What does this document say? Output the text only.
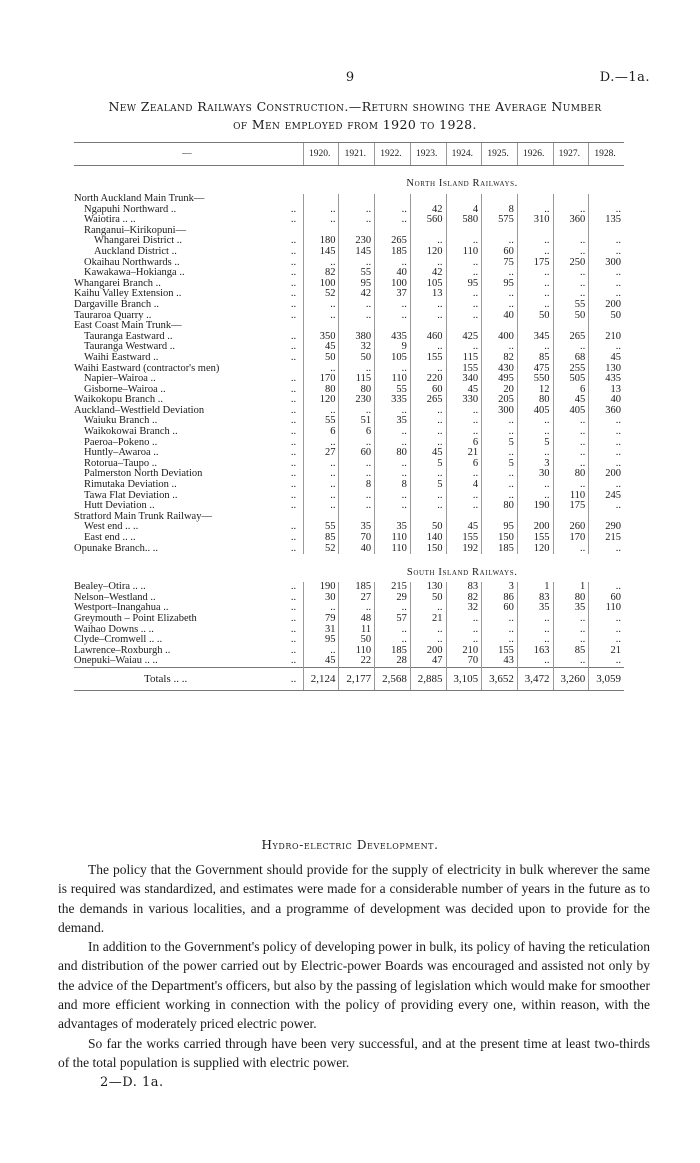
9	D.—1a.
New Zealand Railways Construction.—Return showing the Average Number
of Men employed from 1920 to 1928.
—		1920.	1921.	1922.	1923.	1924.	1925.	1926.	1927.	1928.
		North Island Railways.								
North Auckland Main Trunk—										
Ngapuhi Northward ..	..	..	..	..	42	4	8	..	..	..
Waiotira .. ..	..	..	..	..	560	580	575	310	360	135
Ranganui–Kirikopuni—										
Whangarei District ..	..	180	230	265	..	..	..	..	..	..
Auckland District ..	..	145	145	185	120	110	60	..	..	..
Okaihau Northwards ..	..	..	..	..	..	..	75	175	250	300
Kawakawa–Hokianga ..	..	82	55	40	42	..	..	..	..	..
Whangarei Branch ..	..	100	95	100	105	95	95	..	..	..
Kaihu Valley Extension ..	..	52	42	37	13	..	..	..	..	..
Dargaville Branch ..	..	..	..	..	..	..	..	..	55	200
Tauraroa Quarry ..	..	..	..	..	..	..	40	50	50	50
East Coast Main Trunk—										
Tauranga Eastward ..	..	350	380	435	460	425	400	345	265	210
Tauranga Westward ..	..	45	32	9	..	..	..	..	..	..
Waihi Eastward ..	..	50	50	105	155	115	82	85	68	45
Waihi Eastward (contractor's men)		..	..	..	..	155	430	475	255	130
Napier–Wairoa ..	..	170	115	110	220	340	495	550	505	435
Gisborne–Wairoa ..	..	80	80	55	60	45	20	12	6	13
Waikokopu Branch ..	..	120	230	335	265	330	205	80	45	40
Auckland–Westfield Deviation	..	..	..	..	..	..	300	405	405	360
Waiuku Branch ..	..	55	51	35	..	..	..	..	..	..
Waikokowai Branch ..	..	6	6	..	..	..	..	..	..	..
Paeroa–Pokeno ..	..	..	..	..	..	6	5	5	..	..
Huntly–Awaroa ..	..	27	60	80	45	21	..	..	..	..
Rotorua–Taupo ..	..	..	..	..	5	6	5	3	..	..
Palmerston North Deviation	..	..	..	..	..	..	..	30	80	200
Rimutaka Deviation ..	..	..	8	8	5	4	..	..	..	..
Tawa Flat Deviation ..	..	..	..	..	..	..	..	..	110	245
Hutt Deviation ..	..	..	..	..	..	..	80	190	175	..
Stratford Main Trunk Railway—										
West end .. ..	..	55	35	35	50	45	95	200	260	290
East end .. ..	..	85	70	110	140	155	150	155	170	215
Opunake Branch.. ..	..	52	40	110	150	192	185	120	..	..
		South Island Railways.								
Bealey–Otira .. ..	..	190	185	215	130	83	3	1	1	..
Nelson–Westland ..	..	30	27	29	50	82	86	83	80	60
Westport–Inangahua ..	..	..	..	..	..	32	60	35	35	110
Greymouth – Point Elizabeth	..	79	48	57	21	..	..	..	..	..
Waihao Downs .. ..	..	31	11	..	..	..	..	..	..	..
Clyde–Cromwell .. ..	..	95	50	..	..	..	..	..	..	..
Lawrence–Roxburgh ..	..	..	110	185	200	210	155	163	85	21
Onepuki–Waiau .. ..	..	45	22	28	47	70	43	..	..	..
Totals .. ..	..	2,124	2,177	2,568	2,885	3,105	3,652	3,472	3,260	3,059
Hydro-electric Development.

The policy that the Government should provide for the supply of electricity in bulk wherever the same is required was standardized, and estimates were made for a considerable number of years in the future as to the demands in various localities, and a programme of development was decided upon to provide for the demand.

In addition to the Government's policy of developing power in bulk, its policy of having the reticulation and distribution of the power carried out by Electric-power Boards was encouraged and assisted not only by the advice of the Department's officers, but also by the passing of legislation which would make for smoother and more efficient working in connection with the policy of providing every one, within reason, with the advantages of moderately priced electric power.

So far the works carried through have been very successful, and at the present time at least two-thirds of the total population is supplied with electric power.

2—D. 1a.
